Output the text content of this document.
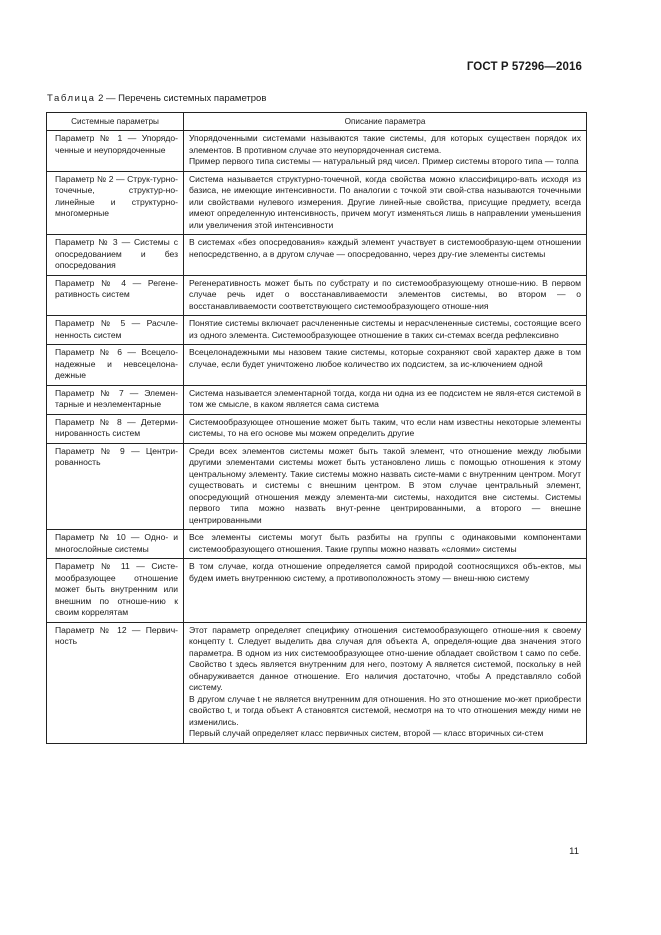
ГОСТ Р 57296—2016
Таблица 2 — Перечень системных параметров
Системные параметры	Описание параметра
Параметр № 1 — Упорядо-ченные и неупорядоченные	Упорядоченными системами называются такие системы, для которых существен порядок их элементов. В противном случае это неупорядоченная система.
Пример первого типа системы — натуральный ряд чисел. Пример системы второго типа — толпа

Параметр № 2 — Струк-турно-точечные, структур-но-линейные и структурно-многомерные	Система называется структурно-точечной, когда свойства можно классифициро-вать исходя из базиса, не имеющие интенсивности. По аналогии с точкой эти свой-ства называются точечными или свойствами нулевого измерения. Другие линей-ные свойства, присущие предмету, всегда имеют определенную интенсивность, причем могут изменяться лишь в направлении уменьшения или увеличения этой интенсивности

Параметр № 3 — Системы с опосредованием и без опосредования	В системах «без опосредования» каждый элемент участвует в системообразую-щем отношении непосредственно, а в другом случае — опосредованно, через дру-гие элементы системы

Параметр № 4 — Регене-ративность систем	Регенеративность может быть по субстрату и по системообразующему отноше-нию. В первом случае речь идет о восстанавливаемости элементов системы, во втором — о восстанавливаемости соответствующего системообразующего отноше-ния

Параметр № 5 — Расчле-ненность систем	Понятие системы включает расчлененные системы и нерасчлененные системы, состоящие всего из одного элемента. Системообразующее отношение в таких си-стемах всегда рефлексивно

Параметр № 6 — Всецело-надежные и невсецелона-дежные	Всецелонадежными мы назовем такие системы, которые сохраняют свой характер даже в том случае, если будет уничтожено любое количество их подсистем, за ис-ключением одной

Параметр № 7 — Элемен-тарные и неэлементарные	Система называется элементарной тогда, когда ни одна из ее подсистем не явля-ется системой в том же смысле, в каком является сама система

Параметр № 8 — Детерми-нированность систем	Системообразующее отношение может быть таким, что если нам известны некоторые элементы системы, то на его основе мы можем определить другие

Параметр № 9 — Центри-рованность	Среди всех элементов системы может быть такой элемент, что отношение между любыми другими элементами системы может быть установлено лишь с помощью отношения к этому центральному элементу. Такие системы можно назвать систе-мами с внутренним центром. Могут существовать и системы с внешним центром. В этом случае центральный элемент, опосредующий отношения между элемента-ми системы, находится вне системы. Системы первого типа можно назвать внут-ренне центрированными, а второго — внешне центрированными

Параметр № 10 — Одно- и многослойные системы	Все элементы системы могут быть разбиты на группы с одинаковыми компонентами системообразующего отношения. Такие группы можно назвать «слоями» системы

Параметр № 11 — Систе-мообразующее отношение может быть внутренним или внешним по отноше-нию к своим коррелятам	В том случае, когда отношение определяется самой природой соотносящихся объ-ектов, мы будем иметь внутреннюю систему, а противоположность этому — внеш-нюю систему

Параметр № 12 — Первич-ность	Этот параметр определяет специфику отношения системообразующего отноше-ния к своему концепту t. Следует выделить два случая для объекта A, определя-ющие два значения этого параметра. В одном из них системообразующее отно-шение обладает свойством t само по себе. Свойство t здесь является внутренним для него, поэтому A является системой, поскольку в ней обнаруживается данное отношение. Его наличия достаточно, чтобы A представляло собой систему.
В другом случае t не является внутренним для отношения. Но это отношение мо-жет приобрести свойство t, и тогда объект A становятся системой, несмотря на то что отношения между ними не изменились.
Первый случай определяет класс первичных систем, второй — класс вторичных си-стем
11
